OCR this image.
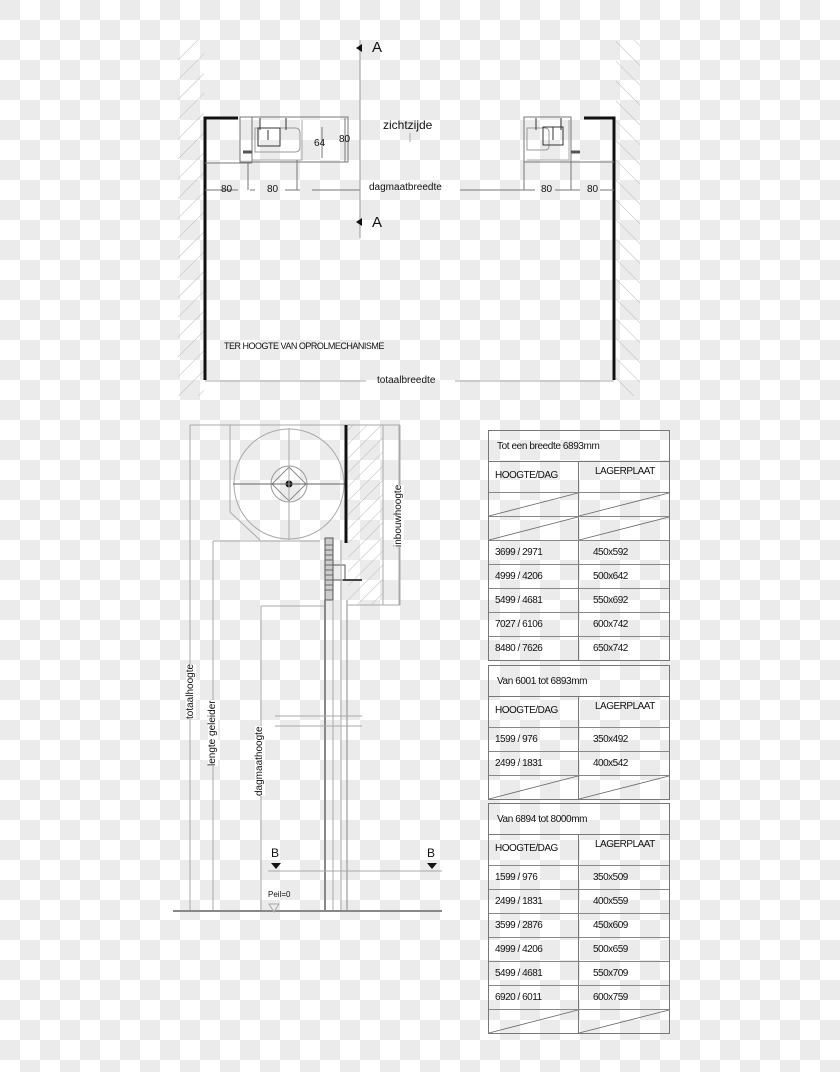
A
A
zichtzijde
64 80
80	80	dagmaatbreedte	80	80
TER HOOGTE VAN OPROLMECHANISME
totaalbreedte
totaalhoogte
lengte geleider	dagmaathoogte
inbouwhoogte
B	B
Peil=0
Tot een breedte 6893mm
HOOGTE/DAG	LAGERPLAAT
3699 / 2971	450x592
4999 / 4206	500x642
5499 / 4681	550x692
7027 / 6106	600x742
8480 / 7626	650x742
Van 6001 tot 6893mm
HOOGTE/DAG	LAGERPLAAT
1599 / 976	350x492
2499 / 1831	400x542
Van 6894 tot 8000mm
HOOGTE/DAG	LAGERPLAAT
1599 / 976	350x509
2499 / 1831	400x559
3599 / 2876	450x609
4999 / 4206	500x659
5499 / 4681	550x709
6920 / 6011	600x759
